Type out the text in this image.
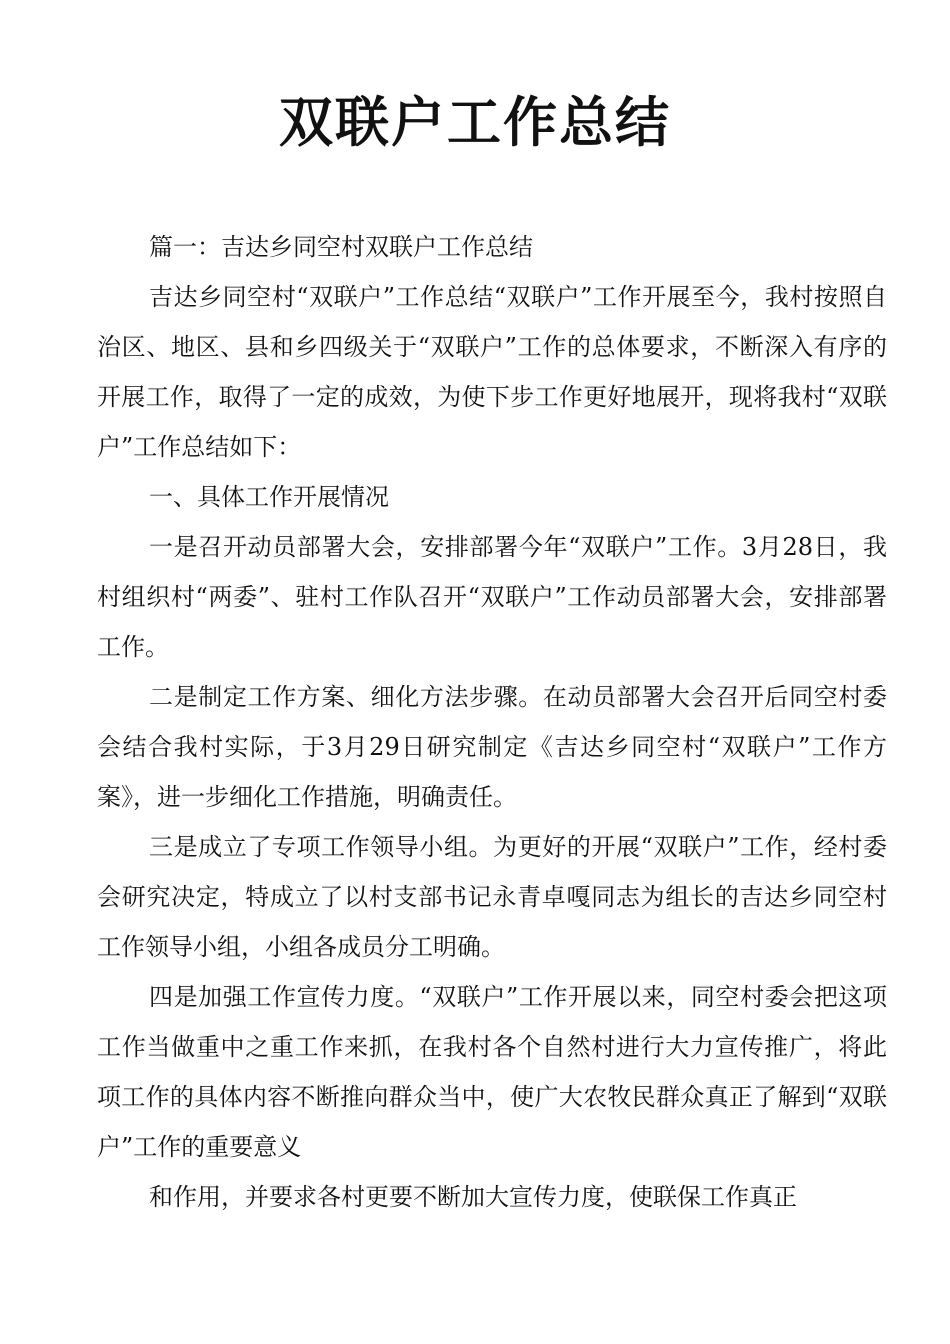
双联户工作总结

篇一：吉达乡同空村双联户工作总结

吉达乡同空村“双联户”工作总结“双联户”工作开展至今，我村按照自治区、地区、县和乡四级关于“双联户”工作的总体要求，不断深入有序的开展工作，取得了一定的成效，为使下步工作更好地展开，现将我村“双联户”工作总结如下：

一、具体工作开展情况

一是召开动员部署大会，安排部署今年“双联户”工作。3月28日，我村组织村“两委”、驻村工作队召开“双联户”工作动员部署大会，安排部署工作。

二是制定工作方案、细化方法步骤。在动员部署大会召开后同空村委会结合我村实际，于3月29日研究制定《吉达乡同空村“双联户”工作方案》，进一步细化工作措施，明确责任。

三是成立了专项工作领导小组。为更好的开展“双联户”工作，经村委会研究决定，特成立了以村支部书记永青卓嘎同志为组长的吉达乡同空村工作领导小组，小组各成员分工明确。

四是加强工作宣传力度。“双联户”工作开展以来，同空村委会把这项工作当做重中之重工作来抓，在我村各个自然村进行大力宣传推广，将此项工作的具体内容不断推向群众当中，使广大农牧民群众真正了解到“双联户”工作的重要意义

和作用，并要求各村更要不断加大宣传力度，使联保工作真正
